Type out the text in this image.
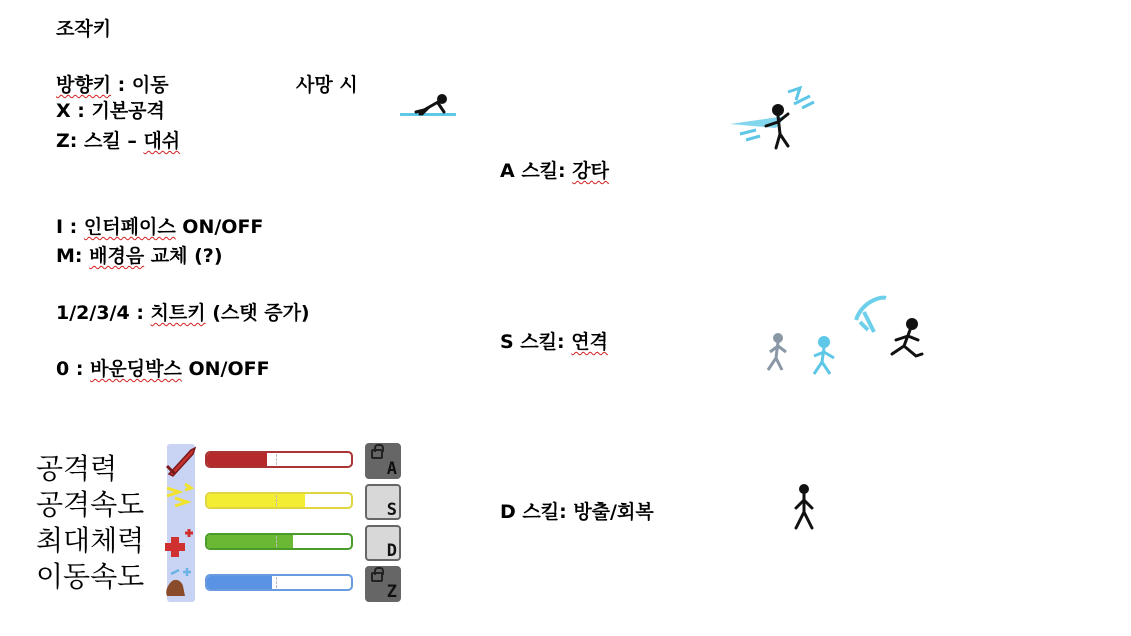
조작키
방향키 : 이동
X : 기본공격
Z: 스킬 – 대쉬
사망 시
I : 인터페이스 ON/OFF
M: 배경음 교체 (?)
1/2/3/4 : 치트키 (스탯 증가)
0 : 바운딩박스 ON/OFF
A 스킬: 강타
S 스킬: 연격
D 스킬: 방출/회복
공격력
공격속도
최대체력
이동속도
A
S
D
Z
